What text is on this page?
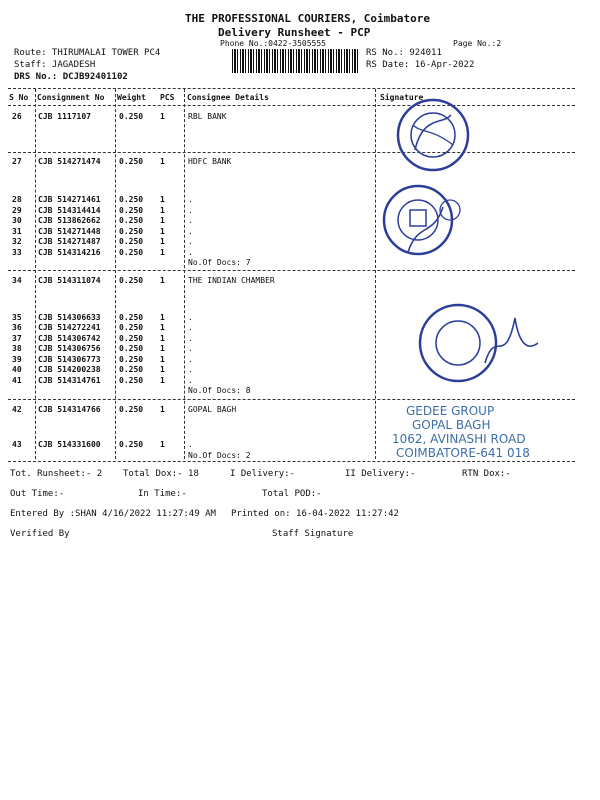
THE PROFESSIONAL COURIERS, Coimbatore
Delivery Runsheet - PCP
Phone No.:0422-3505555	Page No.:2
Route: THIRUMALAI TOWER PC4
Staff: JAGADESH
DRS No.: DCJB92401102
RS No.: 924011
RS Date: 16-Apr-2022
S No Consignment No Weight PCS Consignee Details	Signature
26 CJB 1117107	0.250 1	RBL BANK
27 CJB 514271474 0.250 1	HDFC BANK
28 CJB 514271461 0.250 1	.
29 CJB 514314414 0.250 1	.
30 CJB 513862662 0.250 1	.
31 CJB 514271448 0.250 1	.
32 CJB 514271487 0.250 1	.
33 CJB 514314216 0.250 1	.
No.Of Docs: 7
34 CJB 514311074 0.250 1	THE INDIAN CHAMBER
35 CJB 514306633 0.250 1	.
36 CJB 514272241 0.250 1	.
37 CJB 514306742 0.250 1	.
38 CJB 514306756 0.250 1	.
39 CJB 514306773 0.250 1	.
40 CJB 514200238 0.250 1	.
41 CJB 514314761 0.250 1	.
No.Of Docs: 8
42 CJB 514314766 0.250 1	GOPAL BAGH
43 CJB 514331600 0.250 1	.
No.Of Docs: 2
Tot. Runsheet:- 2 Total Dox:- 18	I Delivery:-	II Delivery:-	RTN Dox:-
Out Time:-	In Time:-	Total POD:-
Entered By :SHAN 4/16/2022 11:27:49 AM Printed on: 16-04-2022 11:27:42
Verified By	Staff Signature
GEDEE GROUP
GOPAL BAGH
1062, AVINASHI ROAD
COIMBATORE-641 018
